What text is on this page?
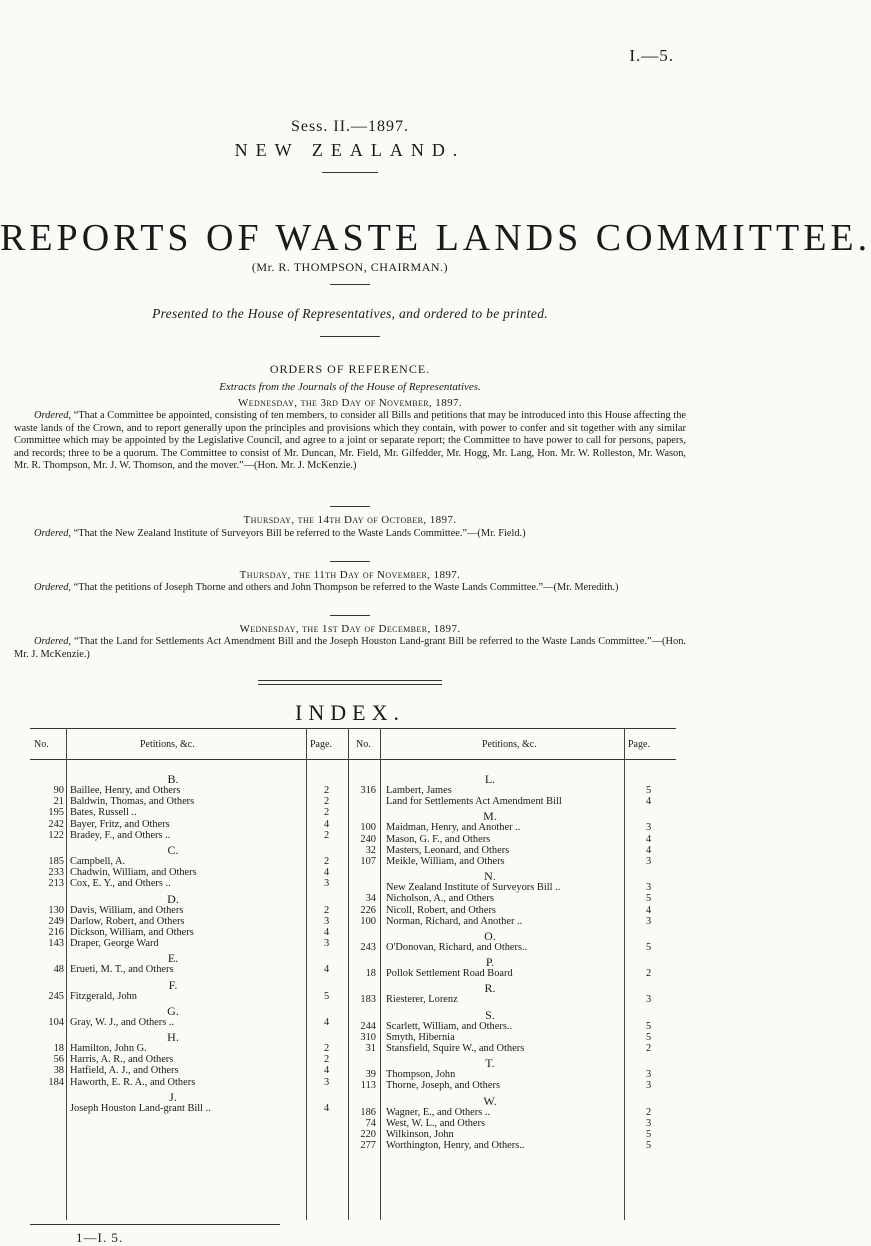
I.—5.
Sess. II.—1897.
NEW ZEALAND.
REPORTS OF WASTE LANDS COMMITTEE.
(Mr. R. THOMPSON, CHAIRMAN.)
Presented to the House of Representatives, and ordered to be printed.
ORDERS OF REFERENCE.
Extracts from the Journals of the House of Representatives.
Wednesday, the 3rd Day of November, 1897.
Ordered, “That a Committee be appointed, consisting of ten members, to consider all Bills and petitions that may be introduced into this House affecting the waste lands of the Crown, and to report generally upon the principles and provisions which they contain, with power to confer and sit together with any similar Committee which may be appointed by the Legislative Council, and agree to a joint or separate report; the Committee to have power to call for persons, papers, and records; three to be a quorum. The Committee to consist of Mr. Duncan, Mr. Field, Mr. Gilfedder, Mr. Hogg, Mr. Lang, Hon. Mr. W. Rolleston, Mr. Wason, Mr. R. Thompson, Mr. J. W. Thomson, and the mover.”—(Hon. Mr. J. McKenzie.)
Thursday, the 14th Day of October, 1897.
Ordered, “That the New Zealand Institute of Surveyors Bill be referred to the Waste Lands Committee.”—(Mr. Field.)
Thursday, the 11th Day of November, 1897.
Ordered, “That the petitions of Joseph Thorne and others and John Thompson be referred to the Waste Lands Committee.”—(Mr. Meredith.)
Wednesday, the 1st Day of December, 1897.
Ordered, “That the Land for Settlements Act Amendment Bill and the Joseph Houston Land-grant Bill be referred to the Waste Lands Committee.”—(Hon. Mr. J. McKenzie.)
INDEX.
No.	Petitions, &c.	Page. No.	Petitions, &c.	Page.
B.
90 Baillee, Henry, and Others	2
21 Baldwin, Thomas, and Others	2
195 Bates, Russell ..	2
242 Bayer, Fritz, and Others	4
122 Bradey, F., and Others ..	2
C.
185 Campbell, A.	2
233 Chadwin, William, and Others	4
213 Cox, E. Y., and Others ..	3
D.
130 Davis, William, and Others	2
249 Darlow, Robert, and Others	3
216 Dickson, William, and Others	4
143 Draper, George Ward	3
E.
48 Erueti, M. T., and Others	4
F.
245 Fitzgerald, John	5
G.
104 Gray, W. J., and Others ..	4
H.
18 Hamilton, John G.	2
56 Harris, A. R., and Others	2
38 Hatfield, A. J., and Others	4
184 Haworth, E. R. A., and Others	3
J.
Joseph Houston Land-grant Bill ..	4
L.
316 Lambert, James	5
Land for Settlements Act Amendment Bill	4
M.
100 Maidman, Henry, and Another ..	3
240 Mason, G. F., and Others	4
32 Masters, Leonard, and Others	4
107 Meikle, William, and Others	3
N.
New Zealand Institute of Surveyors Bill ..	3
34 Nicholson, A., and Others	5
226 Nicoll, Robert, and Others	4
100 Norman, Richard, and Another ..	3
O.
243 O'Donovan, Richard, and Others..	5
P.
18 Pollok Settlement Road Board	2
R.
183 Riesterer, Lorenz	3
S.
244 Scarlett, William, and Others..	5
310 Smyth, Hibernia	5
31 Stansfield, Squire W., and Others	2
T.
39 Thompson, John	3
113 Thorne, Joseph, and Others	3
W.
186 Wagner, E., and Others ..	2
74 West, W. L., and Others	3
220 Wilkinson, John	5
277 Worthington, Henry, and Others..	5
1—I. 5.
